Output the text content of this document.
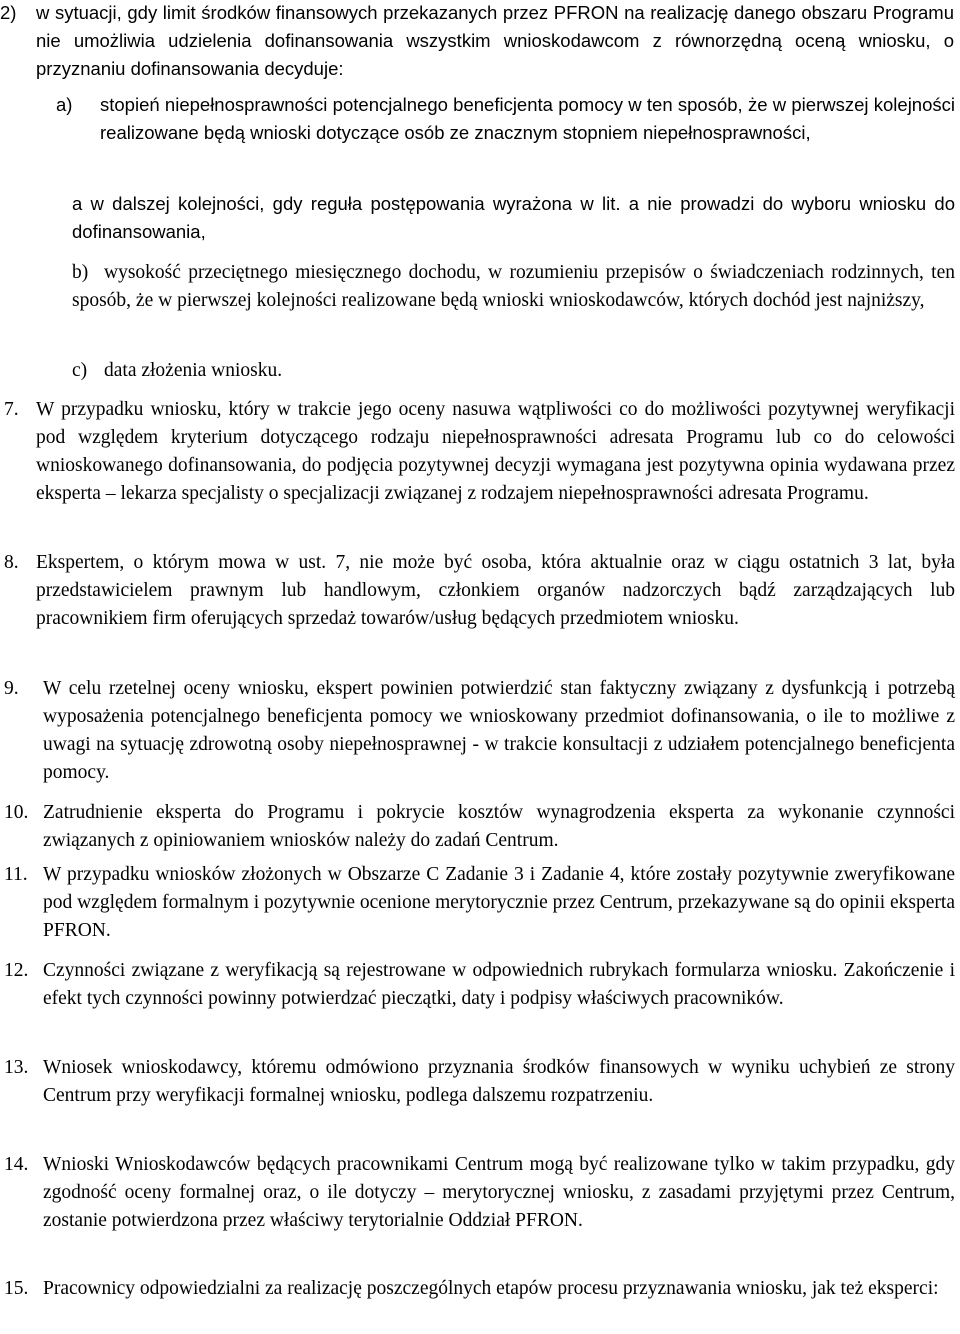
2) w sytuacji, gdy limit środków finansowych przekazanych przez PFRON na realizację danego obszaru Programu nie umożliwia udzielenia dofinansowania wszystkim wnioskodawcom z równorzędną oceną wniosku, o przyznaniu dofinansowania decyduje:

a) stopień niepełnosprawności potencjalnego beneficjenta pomocy w ten sposób, że w pierwszej kolejności realizowane będą wnioski dotyczące osób ze znacznym stopniem niepełnosprawności,

a w dalszej kolejności, gdy reguła postępowania wyrażona w lit. a nie prowadzi do wyboru wniosku do dofinansowania,

b) wysokość przeciętnego miesięcznego dochodu, w rozumieniu przepisów o świadczeniach rodzinnych, ten sposób, że w pierwszej kolejności realizowane będą wnioski wnioskodawców, których dochód jest najniższy,

c) data złożenia wniosku.

7. W przypadku wniosku, który w trakcie jego oceny nasuwa wątpliwości co do możliwości pozytywnej weryfikacji pod względem kryterium dotyczącego rodzaju niepełnosprawności adresata Programu lub co do celowości wnioskowanego dofinansowania, do podjęcia pozytywnej decyzji wymagana jest pozytywna opinia wydawana przez eksperta – lekarza specjalisty o specjalizacji związanej z rodzajem niepełnosprawności adresata Programu.

8. Ekspertem, o którym mowa w ust. 7, nie może być osoba, która aktualnie oraz w ciągu ostatnich 3 lat, była przedstawicielem prawnym lub handlowym, członkiem organów nadzorczych bądź zarządzających lub pracownikiem firm oferujących sprzedaż towarów/usług będących przedmiotem wniosku.

9. W celu rzetelnej oceny wniosku, ekspert powinien potwierdzić stan faktyczny związany z dysfunkcją i potrzebą wyposażenia potencjalnego beneficjenta pomocy we wnioskowany przedmiot dofinansowania, o ile to możliwe z uwagi na sytuację zdrowotną osoby niepełnosprawnej - w trakcie konsultacji z udziałem potencjalnego beneficjenta pomocy.

10. Zatrudnienie eksperta do Programu i pokrycie kosztów wynagrodzenia eksperta za wykonanie czynności związanych z opiniowaniem wniosków należy do zadań Centrum.

11. W przypadku wniosków złożonych w Obszarze C Zadanie 3 i Zadanie 4, które zostały pozytywnie zweryfikowane pod względem formalnym i pozytywnie ocenione merytorycznie przez Centrum, przekazywane są do opinii eksperta PFRON.

12. Czynności związane z weryfikacją są rejestrowane w odpowiednich rubrykach formularza wniosku. Zakończenie i efekt tych czynności powinny potwierdzać pieczątki, daty i podpisy właściwych pracowników.

13. Wniosek wnioskodawcy, któremu odmówiono przyznania środków finansowych w wyniku uchybień ze strony Centrum przy weryfikacji formalnej wniosku, podlega dalszemu rozpatrzeniu.

14. Wnioski Wnioskodawców będących pracownikami Centrum mogą być realizowane tylko w takim przypadku, gdy zgodność oceny formalnej oraz, o ile dotyczy – merytorycznej wniosku, z zasadami przyjętymi przez Centrum, zostanie potwierdzona przez właściwy terytorialnie Oddział PFRON.

15. Pracownicy odpowiedzialni za realizację poszczególnych etapów procesu przyznawania wniosku, jak też eksperci:
